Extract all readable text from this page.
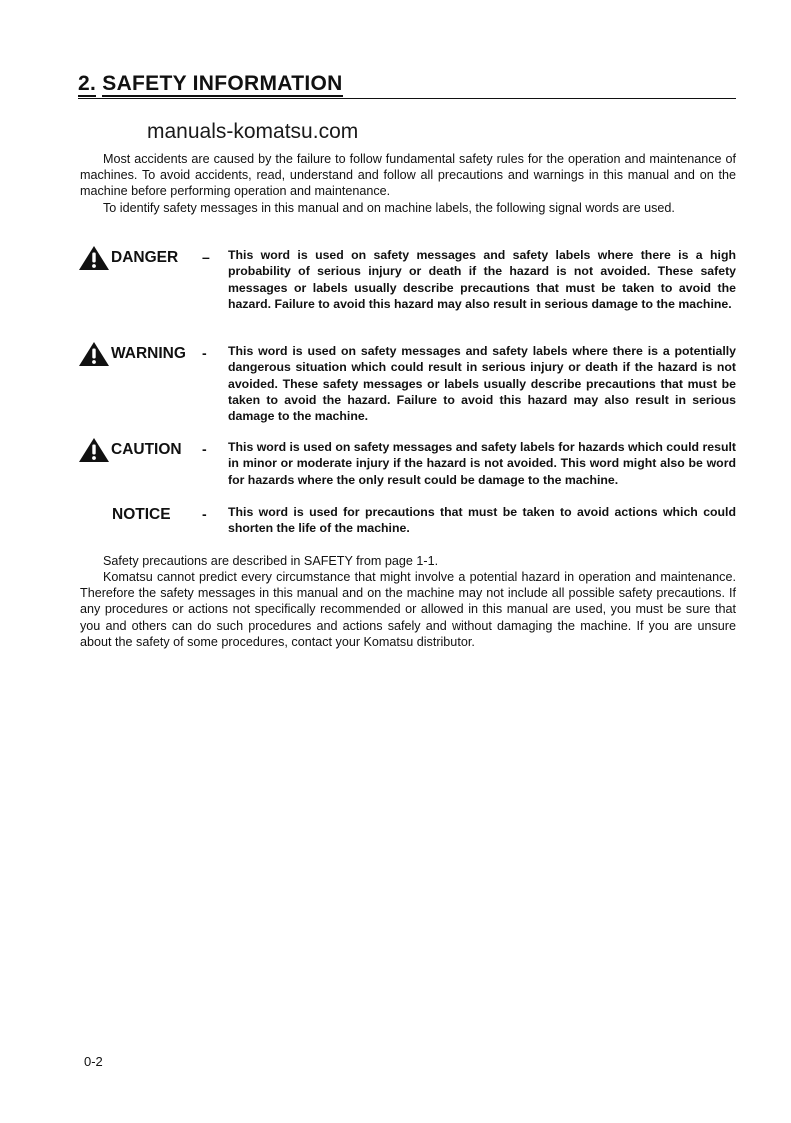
2. SAFETY INFORMATION
manuals-komatsu.com

Most accidents are caused by the failure to follow fundamental safety rules for the operation and maintenance of machines. To avoid accidents, read, understand and follow all precautions and warnings in this manual and on the machine before performing operation and maintenance.

To identify safety messages in this manual and on machine labels, the following signal words are used.

DANGER – This word is used on safety messages and safety labels where there is a high probability of serious injury or death if the hazard is not avoided. These safety messages or labels usually describe precautions that must be taken to avoid the hazard. Failure to avoid this hazard may also result in serious damage to the machine.

WARNING - This word is used on safety messages and safety labels where there is a potentially dangerous situation which could result in serious injury or death if the hazard is not avoided. These safety messages or labels usually describe precautions that must be taken to avoid the hazard. Failure to avoid this hazard may also result in serious damage to the machine.

CAUTION - This word is used on safety messages and safety labels for hazards which could result in minor or moderate injury if the hazard is not avoided. This word might also be word for hazards where the only result could be damage to the machine.

NOTICE - This word is used for precautions that must be taken to avoid actions which could shorten the life of the machine.

Safety precautions are described in SAFETY from page 1-1.

Komatsu cannot predict every circumstance that might involve a potential hazard in operation and maintenance. Therefore the safety messages in this manual and on the machine may not include all possible safety precautions. If any procedures or actions not specifically recommended or allowed in this manual are used, you must be sure that you and others can do such procedures and actions safely and without damaging the machine. If you are unsure about the safety of some procedures, contact your Komatsu distributor.

0-2
